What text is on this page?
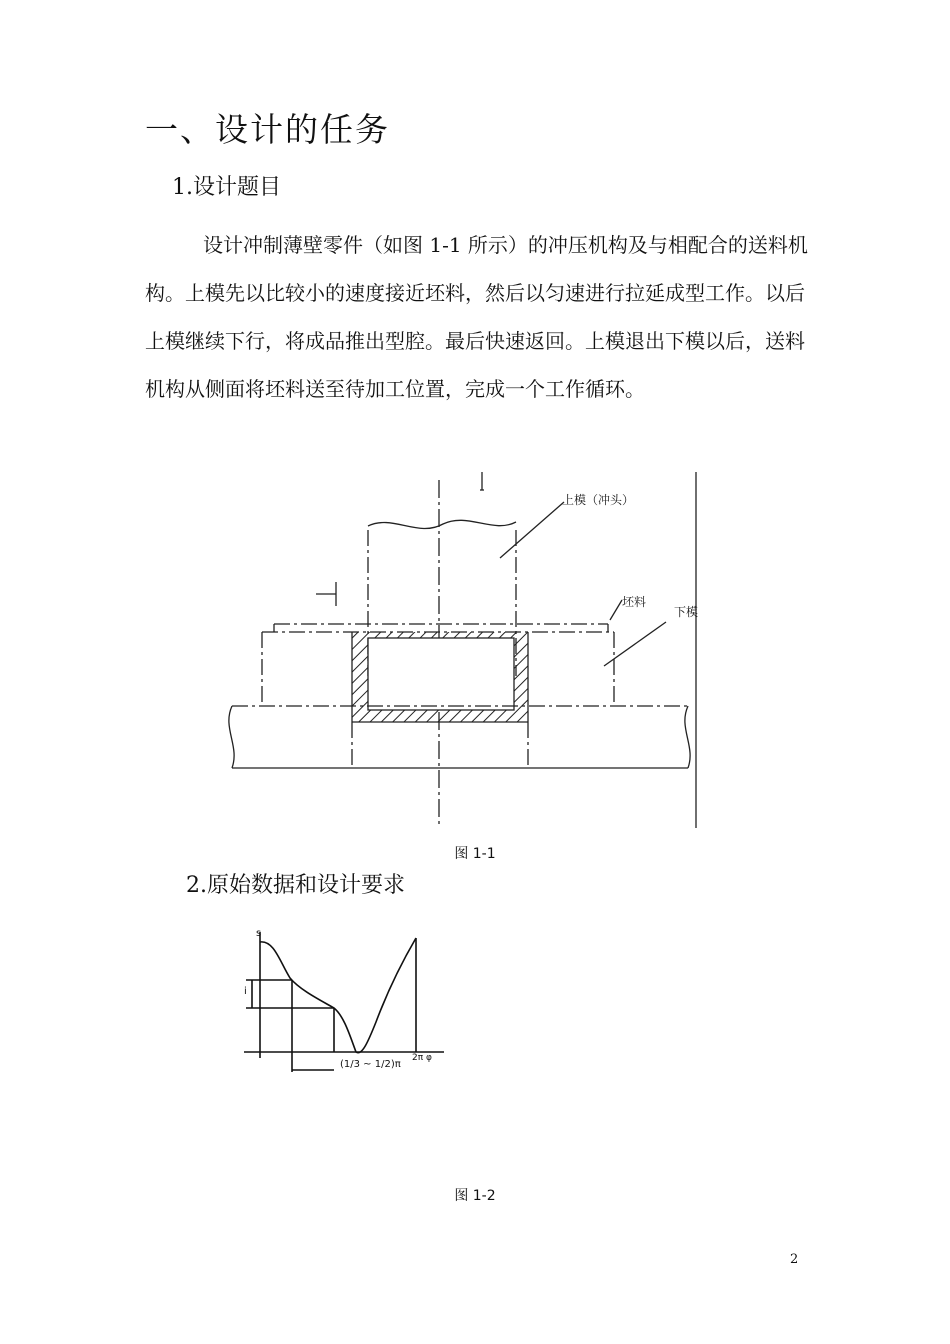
一、设计的任务
1.设计题目
设计冲制薄壁零件（如图 1-1 所示）的冲压机构及与相配合的送料机构。上模先以比较小的速度接近坯料，然后以匀速进行拉延成型工作。以后上模继续下行，将成品推出型腔。最后快速返回。上模退出下模以后，送料机构从侧面将坯料送至待加工位置，完成一个工作循环。
上模（冲头）
坯料
下模
图 1-1
2.原始数据和设计要求
s
i
(1/3 ~ 1/2)π
2π φ
图 1-2
2
